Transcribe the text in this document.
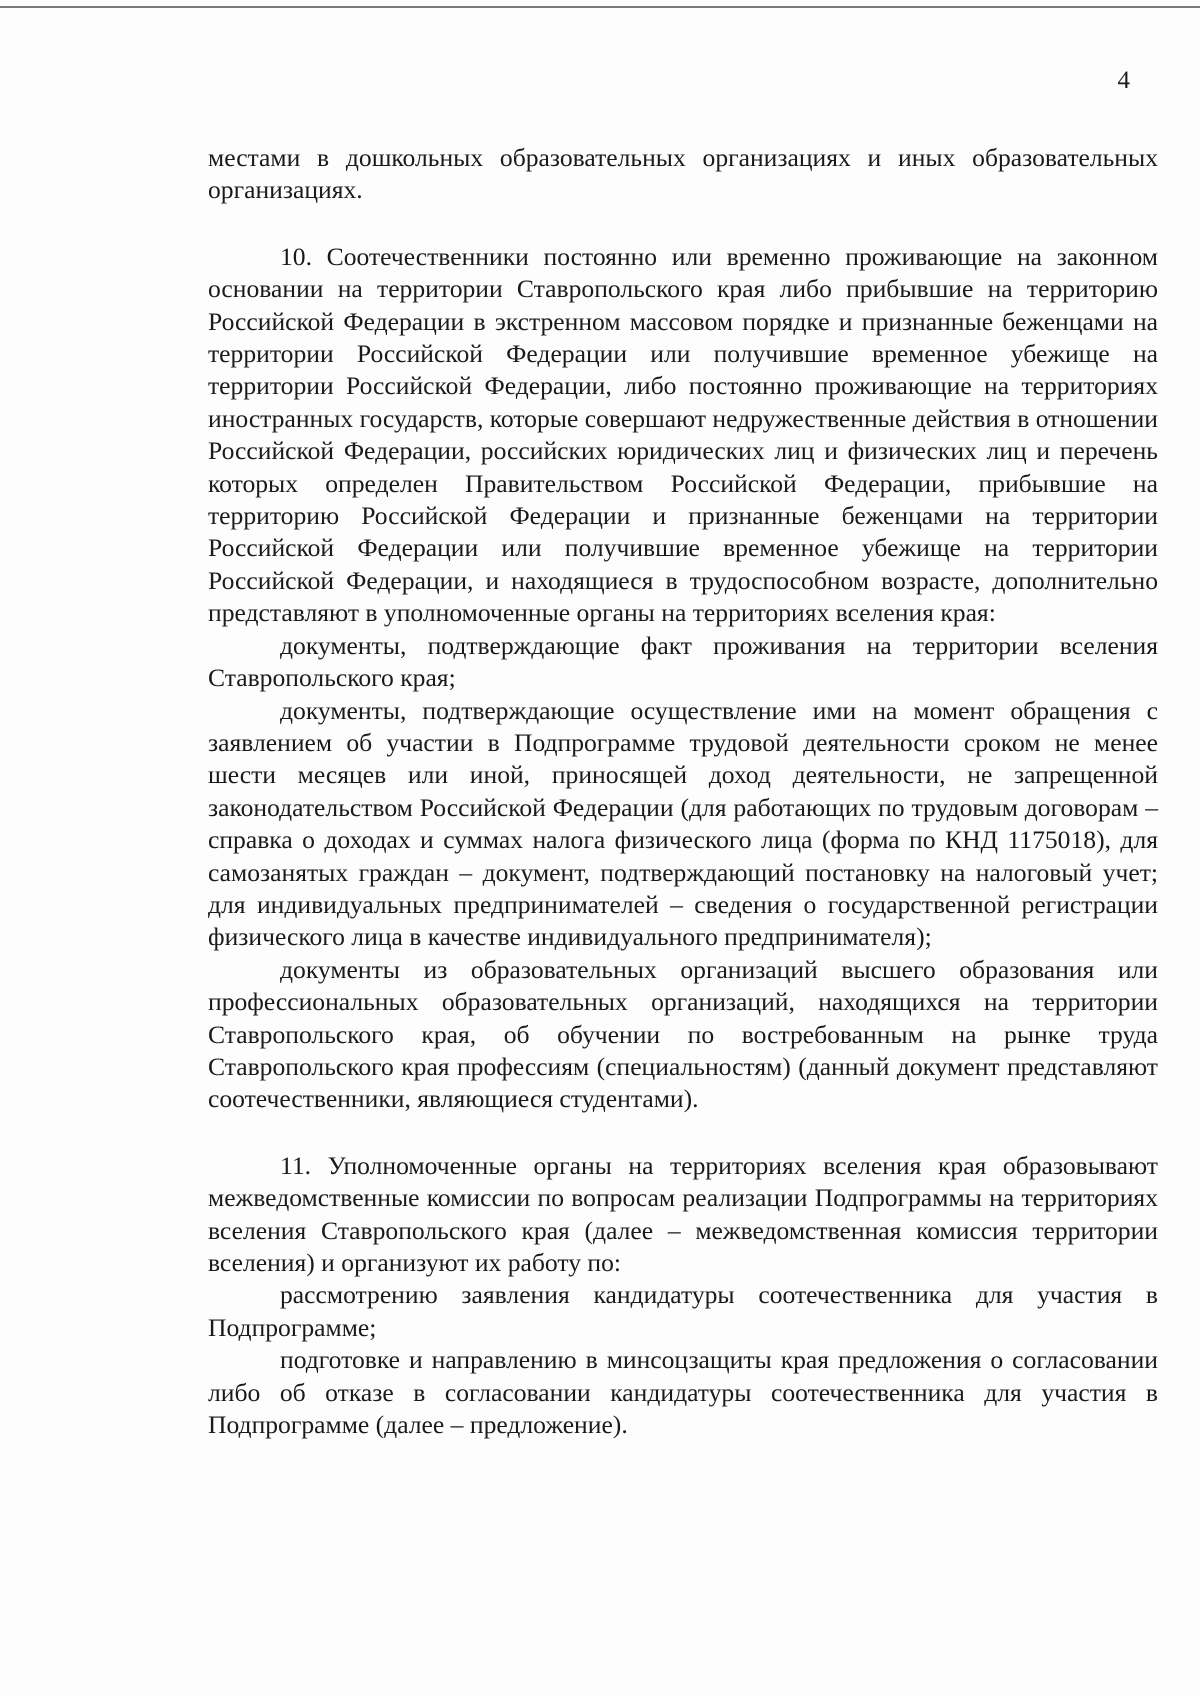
4

местами в дошкольных образовательных организациях и иных образовательных организациях.

10. Соотечественники постоянно или временно проживающие на законном основании на территории Ставропольского края либо прибывшие на территорию Российской Федерации в экстренном массовом порядке и признанные беженцами на территории Российской Федерации или получившие временное убежище на территории Российской Федерации, либо постоянно проживающие на территориях иностранных государств, которые совершают недружественные действия в отношении Российской Федерации, российских юридических лиц и физических лиц и перечень которых определен Правительством Российской Федерации, прибывшие на территорию Российской Федерации и признанные беженцами на территории Российской Федерации или получившие временное убежище на территории Российской Федерации, и находящиеся в трудоспособном возрасте, дополнительно представляют в уполномоченные органы на территориях вселения края:

документы, подтверждающие факт проживания на территории вселения Ставропольского края;

документы, подтверждающие осуществление ими на момент обращения с заявлением об участии в Подпрограмме трудовой деятельности сроком не менее шести месяцев или иной, приносящей доход деятельности, не запрещенной законодательством Российской Федерации (для работающих по трудовым договорам – справка о доходах и суммах налога физического лица (форма по КНД 1175018), для самозанятых граждан – документ, подтверждающий постановку на налоговый учет; для индивидуальных предпринимателей – сведения о государственной регистрации физического лица в качестве индивидуального предпринимателя);

документы из образовательных организаций высшего образования или профессиональных образовательных организаций, находящихся на территории Ставропольского края, об обучении по востребованным на рынке труда Ставропольского края профессиям (специальностям) (данный документ представляют соотечественники, являющиеся студентами).

11. Уполномоченные органы на территориях вселения края образовывают межведомственные комиссии по вопросам реализации Подпрограммы на территориях вселения Ставропольского края (далее – межведомственная комиссия территории вселения) и организуют их работу по:

рассмотрению заявления кандидатуры соотечественника для участия в Подпрограмме;

подготовке и направлению в минсоцзащиты края предложения о согласовании либо об отказе в согласовании кандидатуры соотечественника для участия в Подпрограмме (далее – предложение).
